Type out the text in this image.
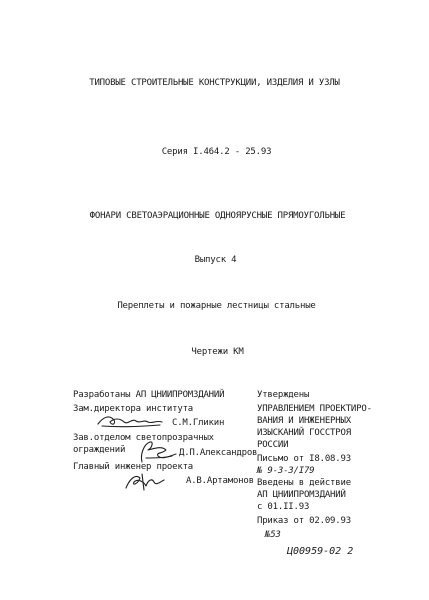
ТИПОВЫЕ СТРОИТЕЛЬНЫЕ КОНСТРУКЦИИ, ИЗДЕЛИЯ И УЗЛЫ
Серия I.464.2 - 25.93
ФОНАРИ СВЕТОАЭРАЦИОННЫЕ ОДНОЯРУСНЫЕ ПРЯМОУГОЛЬНЫЕ
Выпуск 4
Переплеты и пожарные лестницы стальные
Чертежи КМ
Разработаны АП ЦНИИПРОМЗДАНИЙ
Зам.директора института
С.М.Гликин
Зав.отделом светопрозрачных
ограждений	Д.П.Александров
Главный инженер проекта
А.В.Артамонов
Утверждены
УПРАВЛЕНИЕМ ПРОЕКТИРО-
ВАНИЯ И ИНЖЕНЕРНЫХ
ИЗЫСКАНИЙ ГОССТРОЯ
РОССИИ
Письмо от I8.08.93
№ 9-3-3/I79
Введены в действие
АП ЦНИИПРОМЗДАНИЙ
с 01.II.93
Приказ от 02.09.93
№53
Ц00959-02 2
